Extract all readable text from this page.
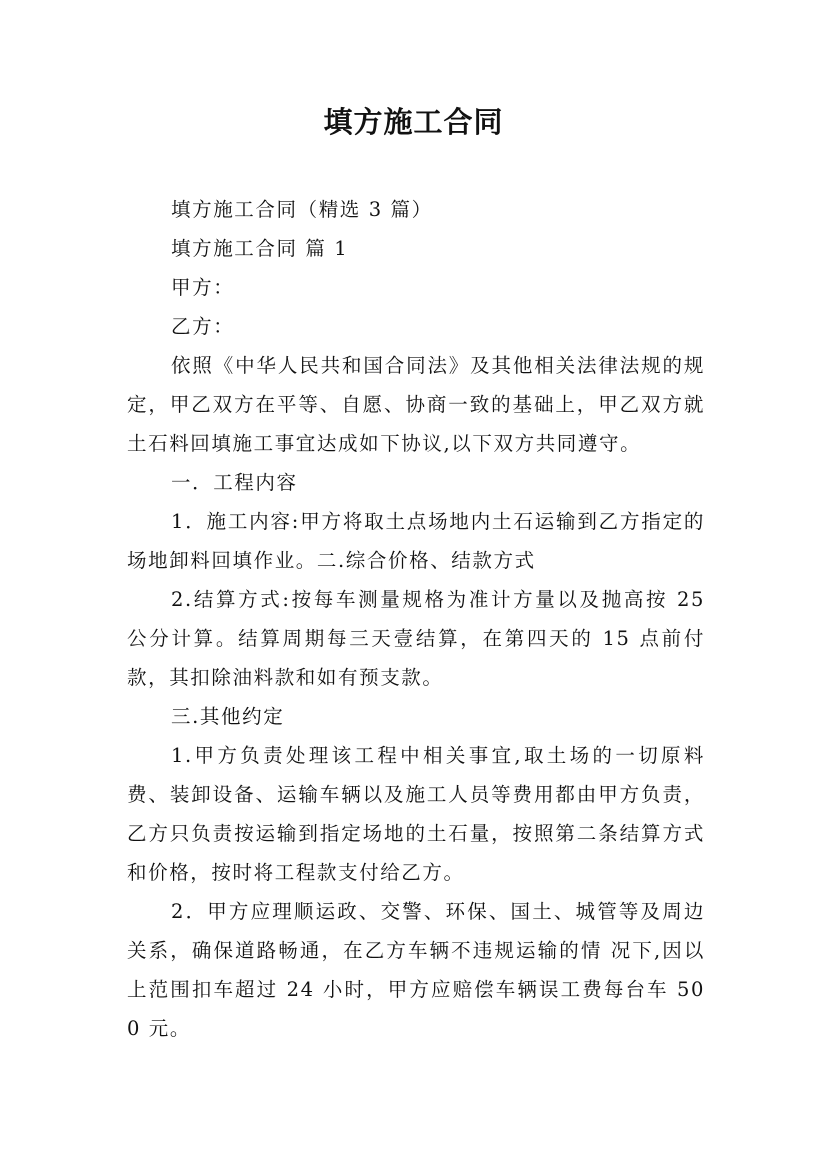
填方施工合同

填方施工合同（精选 3 篇）

填方施工合同 篇 1

甲方：

乙方：

依照《中华人民共和国合同法》及其他相关法律法规的规定，甲乙双方在平等、自愿、协商一致的基础上，甲乙双方就土石料回填施工事宜达成如下协议,以下双方共同遵守。

一．工程内容

1．施工内容:甲方将取土点场地内土石运输到乙方指定的场地卸料回填作业。二.综合价格、结款方式

2.结算方式:按每车测量规格为准计方量以及抛高按 25 公分计算。结算周期每三天壹结算，在第四天的 15 点前付款，其扣除油料款和如有预支款。

三.其他约定

1.甲方负责处理该工程中相关事宜,取土场的一切原料费、装卸设备、运输车辆以及施工人员等费用都由甲方负责，乙方只负责按运输到指定场地的土石量，按照第二条结算方式和价格，按时将工程款支付给乙方。

2．甲方应理顺运政、交警、环保、国土、城管等及周边关系，确保道路畅通，在乙方车辆不违规运输的情 况下,因以上范围扣车超过 24 小时，甲方应赔偿车辆误工费每台车 500 元。
